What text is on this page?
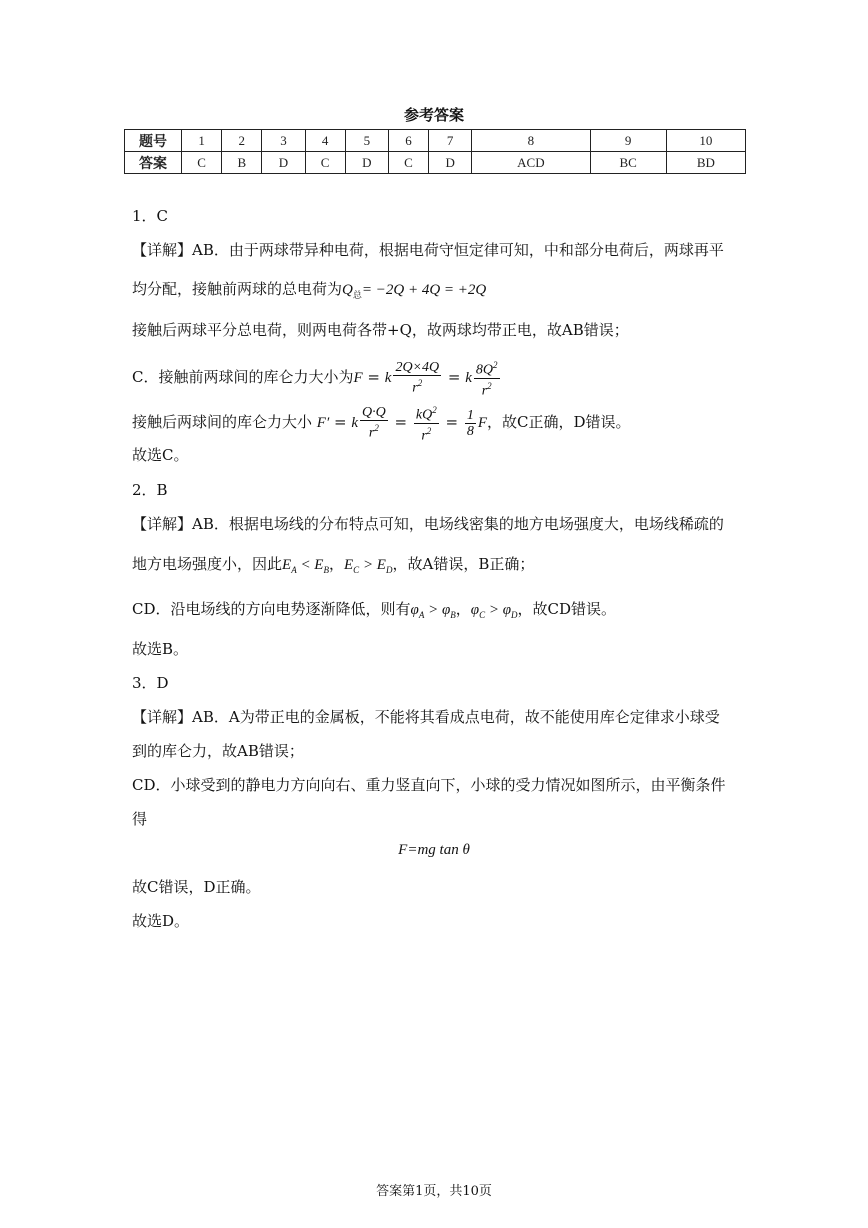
参考答案
题号	1	2	3	4	5	6	7	8	9	10
答案	C	B	D	C	D	C	D	ACD	BC	BD
1．C
【详解】AB．由于两球带异种电荷，根据电荷守恒定律可知，中和部分电荷后，两球再平
均分配，接触前两球的总电荷为$Q_总= -2Q + 4Q = +2Q$
接触后两球平分总电荷，则两电荷各带+Q，故两球均带正电，故AB错误；
C．接触前两球间的库仑力大小为F = k $\frac{2Q\times 4Q}{r^2} = k \frac{8Q^2}{r^2}$
接触后两球间的库仑力大小 F′ = k $\frac{Q\cdot Q}{r^2} = \frac{kQ^2}{r^2} = \frac{1}{8}$ F，故C正确，D错误。
故选C。
2．B
【详解】AB．根据电场线的分布特点可知，电场线密集的地方电场强度大，电场线稀疏的
地方电场强度小，因此$E_A < E_B$，$E_C > E_D$，故A错误，B正确；
CD．沿电场线的方向电势逐渐降低，则有$\varphi_A > \varphi_B$，$\varphi_C > \varphi_D$，故CD错误。
故选B。
3．D
【详解】AB．A为带正电的金属板，不能将其看成点电荷，故不能使用库仑定律求小球受
到的库仑力，故AB错误；
CD．小球受到的静电力方向向右、重力竖直向下，小球的受力情况如图所示，由平衡条件
得
F=mg tan θ
故C错误，D正确。
故选D。
答案第1页，共10页
